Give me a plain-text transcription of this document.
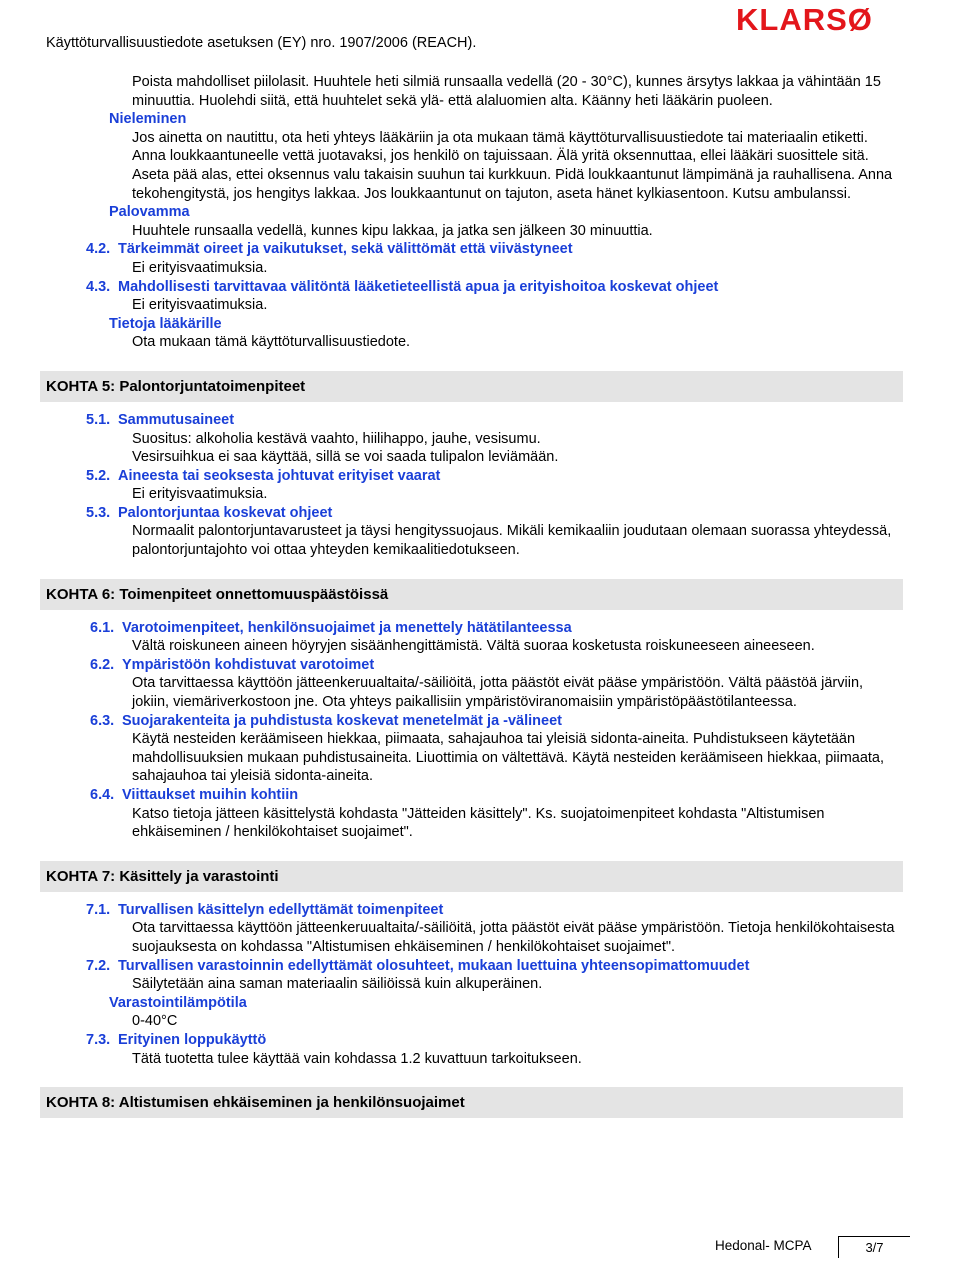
Käyttöturvallisuustiedote asetuksen (EY) nro. 1907/2006 (REACH).
KLARSØ
Poista mahdolliset piilolasit. Huuhtele heti silmiä runsaalla vedellä (20 - 30°C), kunnes ärsytys lakkaa ja vähintään 15 minuuttia. Huolehdi siitä, että huuhtelet sekä ylä- että alaluomien alta. Käänny heti lääkärin puoleen.
Nieleminen
Jos ainetta on nautittu, ota heti yhteys lääkäriin ja ota mukaan tämä käyttöturvallisuustiedote tai materiaalin etiketti. Anna loukkaantuneelle vettä juotavaksi, jos henkilö on tajuissaan. Älä yritä oksennuttaa, ellei lääkäri suosittele sitä. Aseta pää alas, ettei oksennus valu takaisin suuhun tai kurkkuun. Pidä loukkaantunut lämpimänä ja rauhallisena. Anna tekohengitystä, jos hengitys lakkaa. Jos loukkaantunut on tajuton, aseta hänet kylkiasentoon. Kutsu ambulanssi.
Palovamma
Huuhtele runsaalla vedellä, kunnes kipu lakkaa, ja jatka sen jälkeen 30 minuuttia.
4.2. Tärkeimmät oireet ja vaikutukset, sekä välittömät että viivästyneet
Ei erityisvaatimuksia.
4.3. Mahdollisesti tarvittavaa välitöntä lääketieteellistä apua ja erityishoitoa koskevat ohjeet
Ei erityisvaatimuksia.
Tietoja lääkärille
Ota mukaan tämä käyttöturvallisuustiedote.
KOHTA 5: Palontorjuntatoimenpiteet
5.1. Sammutusaineet
Suositus: alkoholia kestävä vaahto, hiilihappo, jauhe, vesisumu.
Vesirsuihkua ei saa käyttää, sillä se voi saada tulipalon leviämään.
5.2. Aineesta tai seoksesta johtuvat erityiset vaarat
Ei erityisvaatimuksia.
5.3. Palontorjuntaa koskevat ohjeet
Normaalit palontorjuntavarusteet ja täysi hengityssuojaus. Mikäli kemikaaliin joudutaan olemaan suorassa yhteydessä, palontorjuntajohto voi ottaa yhteyden kemikaalitiedotukseen.
KOHTA 6: Toimenpiteet onnettomuuspäästöissä
6.1. Varotoimenpiteet, henkilönsuojaimet ja menettely hätätilanteessa
Vältä roiskuneen aineen höyryjen sisäänhengittämistä. Vältä suoraa kosketusta roiskuneeseen aineeseen.
6.2. Ympäristöön kohdistuvat varotoimet
Ota tarvittaessa käyttöön jätteenkeruualtaita/-säiliöitä, jotta päästöt eivät pääse ympäristöön. Vältä päästöä järviin, jokiin, viemäriverkostoon jne. Ota yhteys paikallisiin ympäristöviranomaisiin ympäristöpäästötilanteessa.
6.3. Suojarakenteita ja puhdistusta koskevat menetelmät ja -välineet
Käytä nesteiden keräämiseen hiekkaa, piimaata, sahajauhoa tai yleisiä sidonta-aineita. Puhdistukseen käytetään mahdollisuuksien mukaan puhdistusaineita. Liuottimia on vältettävä. Käytä nesteiden keräämiseen hiekkaa, piimaata, sahajauhoa tai yleisiä sidonta-aineita.
6.4. Viittaukset muihin kohtiin
Katso tietoja jätteen käsittelystä kohdasta "Jätteiden käsittely". Ks. suojatoimenpiteet kohdasta "Altistumisen ehkäiseminen / henkilökohtaiset suojaimet".
KOHTA 7: Käsittely ja varastointi
7.1. Turvallisen käsittelyn edellyttämät toimenpiteet
Ota tarvittaessa käyttöön jätteenkeruualtaita/-säiliöitä, jotta päästöt eivät pääse ympäristöön. Tietoja henkilökohtaisesta suojauksesta on kohdassa "Altistumisen ehkäiseminen / henkilökohtaiset suojaimet".
7.2. Turvallisen varastoinnin edellyttämät olosuhteet, mukaan luettuina yhteensopimattomuudet
Säilytetään aina saman materiaalin säiliöissä kuin alkuperäinen.
Varastointilämpötila
0-40°C
7.3. Erityinen loppukäyttö
Tätä tuotetta tulee käyttää vain kohdassa 1.2 kuvattuun tarkoitukseen.
KOHTA 8: Altistumisen ehkäiseminen ja henkilönsuojaimet
Hedonal- MCPA	3/7
